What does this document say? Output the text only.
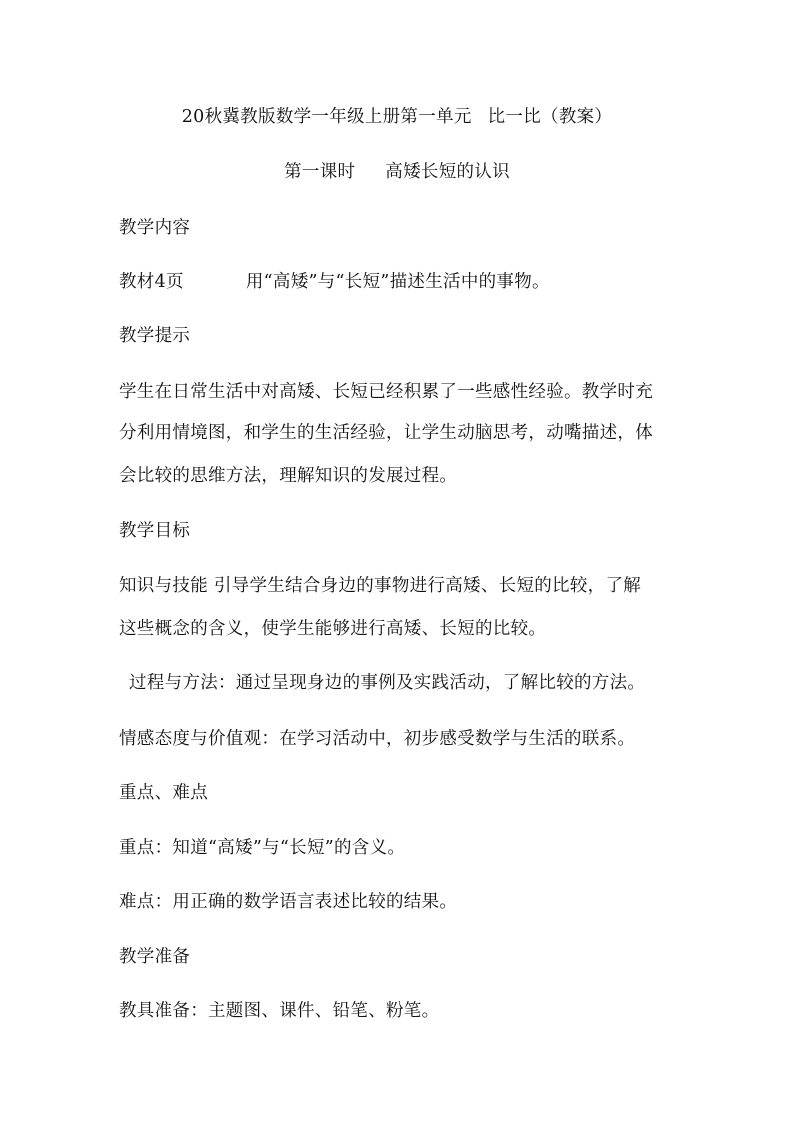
20秋冀教版数学一年级上册第一单元 比一比（教案）
第一课时 高矮长短的认识
教学内容
教材4页	用“高矮”与“长短”描述生活中的事物。
教学提示
学生在日常生活中对高矮、长短已经积累了一些感性经验。教学时充
分利用情境图，和学生的生活经验，让学生动脑思考，动嘴描述，体
会比较的思维方法，理解知识的发展过程。
教学目标
知识与技能 引导学生结合身边的事物进行高矮、长短的比较，了解
这些概念的含义，使学生能够进行高矮、长短的比较。
过程与方法：通过呈现身边的事例及实践活动，了解比较的方法。
情感态度与价值观：在学习活动中，初步感受数学与生活的联系。
重点、难点
重点：知道“高矮”与“长短”的含义。
难点：用正确的数学语言表述比较的结果。
教学准备
教具准备：主题图、课件、铅笔、粉笔。
